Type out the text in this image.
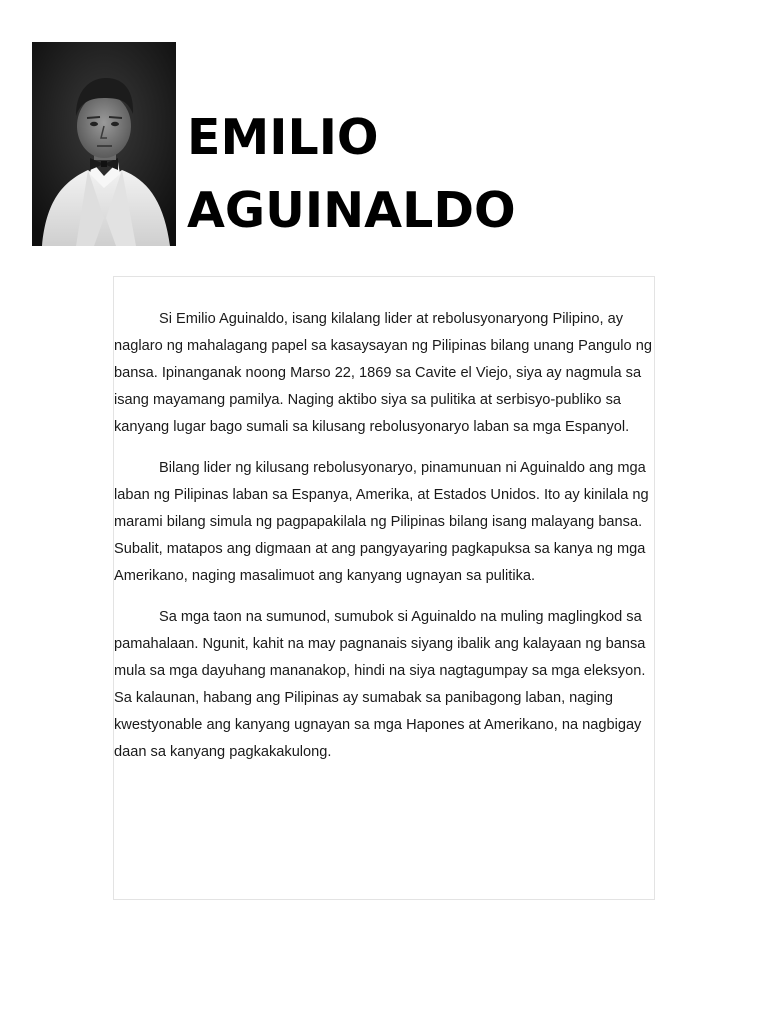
EMILIO
AGUINALDO

Si Emilio Aguinaldo, isang kilalang lider at rebolusyonaryong Pilipino, ay naglaro ng mahalagang papel sa kasaysayan ng Pilipinas bilang unang Pangulo ng bansa. Ipinanganak noong Marso 22, 1869 sa Cavite el Viejo, siya ay nagmula sa isang mayamang pamilya. Naging aktibo siya sa pulitika at serbisyo-publiko sa kanyang lugar bago sumali sa kilusang rebolusyonaryo laban sa mga Espanyol.

Bilang lider ng kilusang rebolusyonaryo, pinamunuan ni Aguinaldo ang mga laban ng Pilipinas laban sa Espanya, Amerika, at Estados Unidos. Ito ay kinilala ng marami bilang simula ng pagpapakilala ng Pilipinas bilang isang malayang bansa. Subalit, matapos ang digmaan at ang pangyayaring pagkapuksa sa kanya ng mga Amerikano, naging masalimuot ang kanyang ugnayan sa pulitika.

Sa mga taon na sumunod, sumubok si Aguinaldo na muling maglingkod sa pamahalaan. Ngunit, kahit na may pagnanais siyang ibalik ang kalayaan ng bansa mula sa mga dayuhang mananakop, hindi na siya nagtagumpay sa mga eleksyon. Sa kalaunan, habang ang Pilipinas ay sumabak sa panibagong laban, naging kwestyonable ang kanyang ugnayan sa mga Hapones at Amerikano, na nagbigay daan sa kanyang pagkakakulong.
